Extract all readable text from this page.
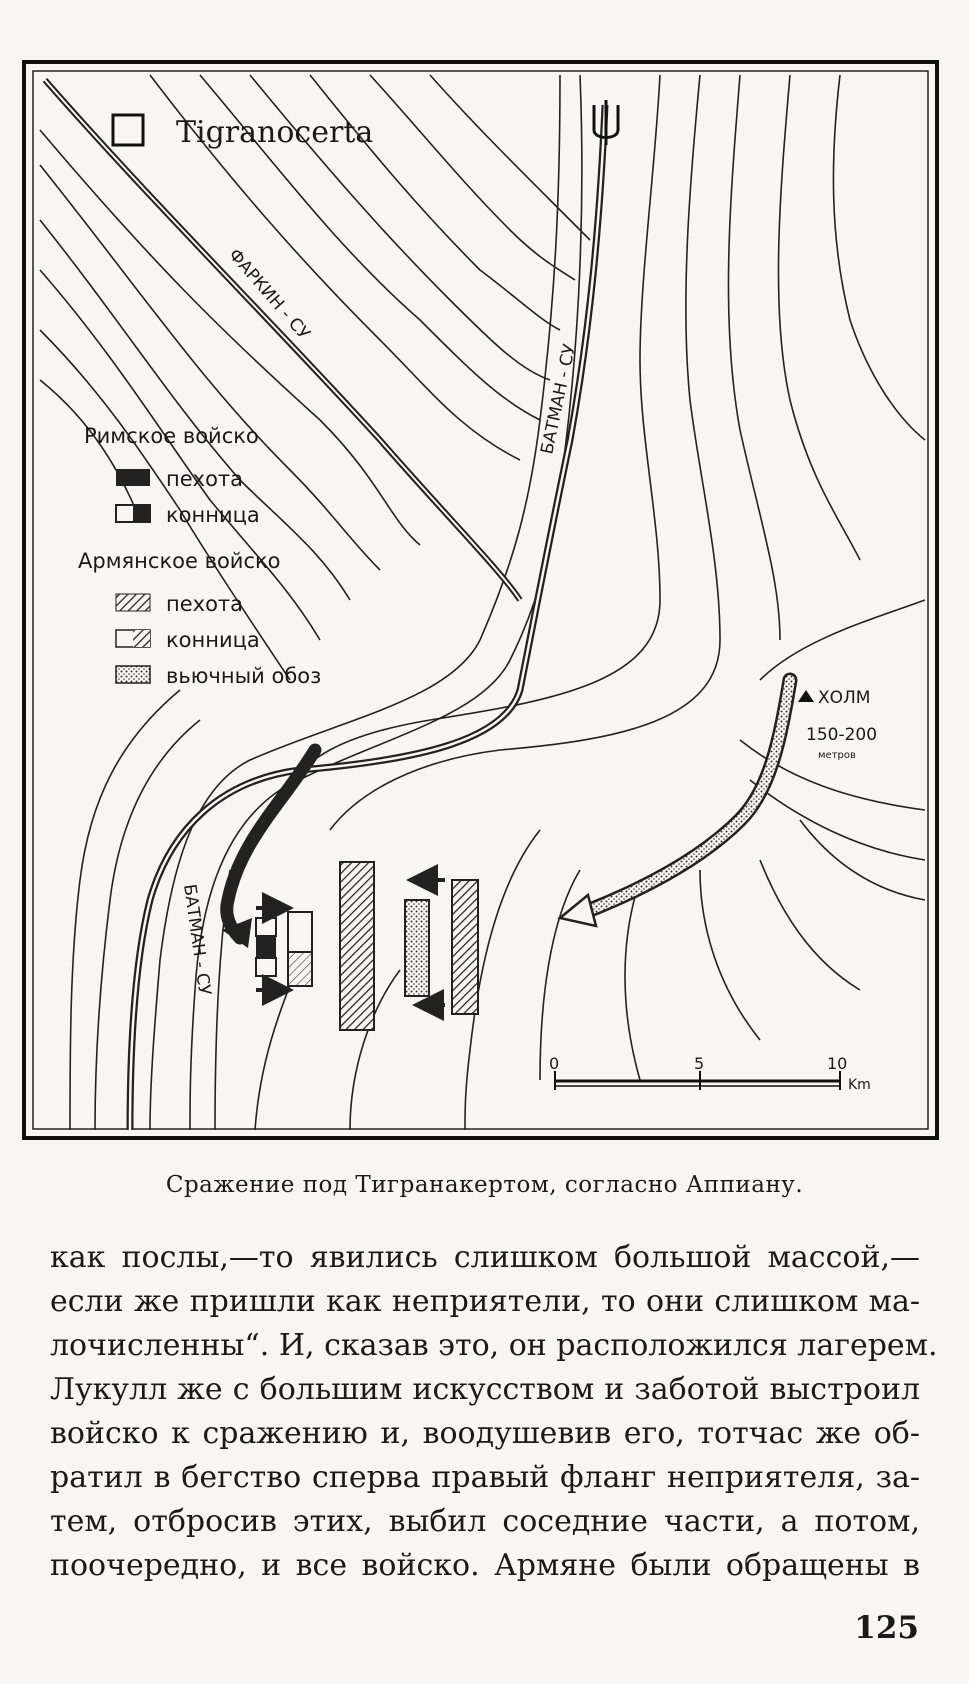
Tigranocerta
ФАРКИН - СУ
БАТМАН - СУ
БАТМАН - СУ
Римское войско
пехота
конница
Армянское войско
пехота
конница
вьючный обоз
ХОЛМ
150-200
метров
0	5	10
Km
Сражение под Тигранакертом, согласно Аппиану.
как послы,—то явились слишком большой массой,—
если же пришли как неприятели, то они слишком ма-
лочисленны“. И, сказав это, он расположился лагерем.
Лукулл же с большим искусством и заботой выстроил
войско к сражению и, воодушевив его, тотчас же об-
ратил в бегство сперва правый фланг неприятеля, за-
тем, отбросив этих, выбил соседние части, а потом,
поочередно, и все войско. Армяне были обращены в
125
